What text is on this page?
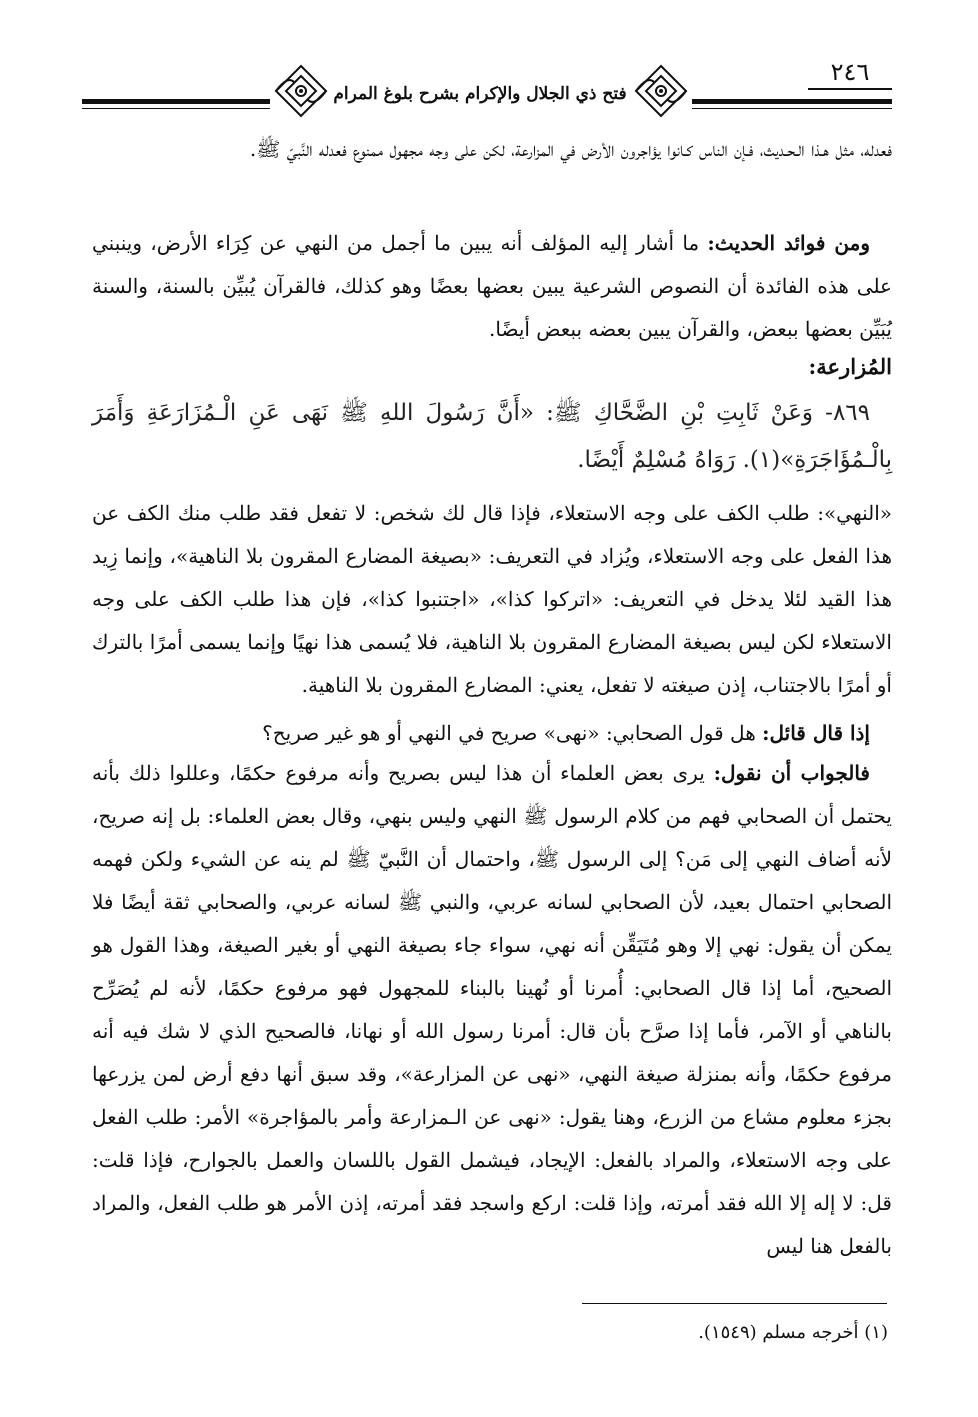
فتح ذي الجلال والإكرام بشرح بلوغ المرام
٢٤٦

فعدله، مثل هـذا الـحـديث، فـإن الناس كـانوا يؤاجرون الأرض في المزارعة، لكن على وجه مجهول ممنوع فعدله النَّبيّ ﷺ.

ومن فوائد الحديث: ما أشار إليه المؤلف أنه يبين ما أجمل من النهي عن كِرَاء الأرض، وينبني على هذه الفائدة أن النصوص الشرعية يبين بعضها بعضًا وهو كذلك، فالقرآن يُبيِّن بالسنة، والسنة يُبَيِّن بعضها ببعض، والقرآن يبين بعضه ببعض أيضًا.

المُزارعة:

٨٦٩- وَعَنْ ثَابِتِ بْنِ الضَّحَّاكِ ﷺ: «أَنَّ رَسُولَ اللهِ ﷺ نَهَى عَنِ الْـمُزَارَعَةِ وَأَمَرَ بِالْـمُؤَاجَرَةِ»(١). رَوَاهُ مُسْلِمٌ أَيْضًا.

«النهي»: طلب الكف على وجه الاستعلاء، فإذا قال لك شخص: لا تفعل فقد طلب منك الكف عن هذا الفعل على وجه الاستعلاء، ويُزاد في التعريف: «بصيغة المضارع المقرون بلا الناهية»، وإنما زِيد هذا القيد لئلا يدخل في التعريف: «اتركوا كذا»، «اجتنبوا كذا»، فإن هذا طلب الكف على وجه الاستعلاء لكن ليس بصيغة المضارع المقرون بلا الناهية، فلا يُسمى هذا نهيًا وإنما يسمى أمرًا بالترك أو أمرًا بالاجتناب، إذن صيغته لا تفعل، يعني: المضارع المقرون بلا الناهية.

إذا قال قائل: هل قول الصحابي: «نهى» صريح في النهي أو هو غير صريح؟

فالجواب أن نقول: يرى بعض العلماء أن هذا ليس بصريح وأنه مرفوع حكمًا، وعللوا ذلك بأنه يحتمل أن الصحابي فهم من كلام الرسول ﷺ النهي وليس بنهي، وقال بعض العلماء: بل إنه صريح، لأنه أضاف النهي إلى مَن؟ إلى الرسول ﷺ، واحتمال أن النَّبيّ ﷺ لم ينه عن الشيء ولكن فهمه الصحابي احتمال بعيد، لأن الصحابي لسانه عربي، والنبي ﷺ لسانه عربي، والصحابي ثقة أيضًا فلا يمكن أن يقول: نهي إلا وهو مُتَيَقِّن أنه نهي، سواء جاء بصيغة النهي أو بغير الصيغة، وهذا القول هو الصحيح، أما إذا قال الصحابي: أُمرنا أو نُهينا بالبناء للمجهول فهو مرفوع حكمًا، لأنه لم يُصَرِّح بالناهي أو الآمر، فأما إذا صرَّح بأن قال: أمرنا رسول الله أو نهانا، فالصحيح الذي لا شك فيه أنه مرفوع حكمًا، وأنه بمنزلة صيغة النهي، «نهى عن المزارعة»، وقد سبق أنها دفع أرض لمن يزرعها بجزء معلوم مشاع من الزرع، وهنا يقول: «نهى عن الـمزارعة وأمر بالمؤاجرة» الأمر: طلب الفعل على وجه الاستعلاء، والمراد بالفعل: الإيجاد، فيشمل القول باللسان والعمل بالجوارح، فإذا قلت: قل: لا إله إلا الله فقد أمرته، وإذا قلت: اركع واسجد فقد أمرته، إذن الأمر هو طلب الفعل، والمراد بالفعل هنا ليس

(١) أخرجه مسلم (١٥٤٩).
